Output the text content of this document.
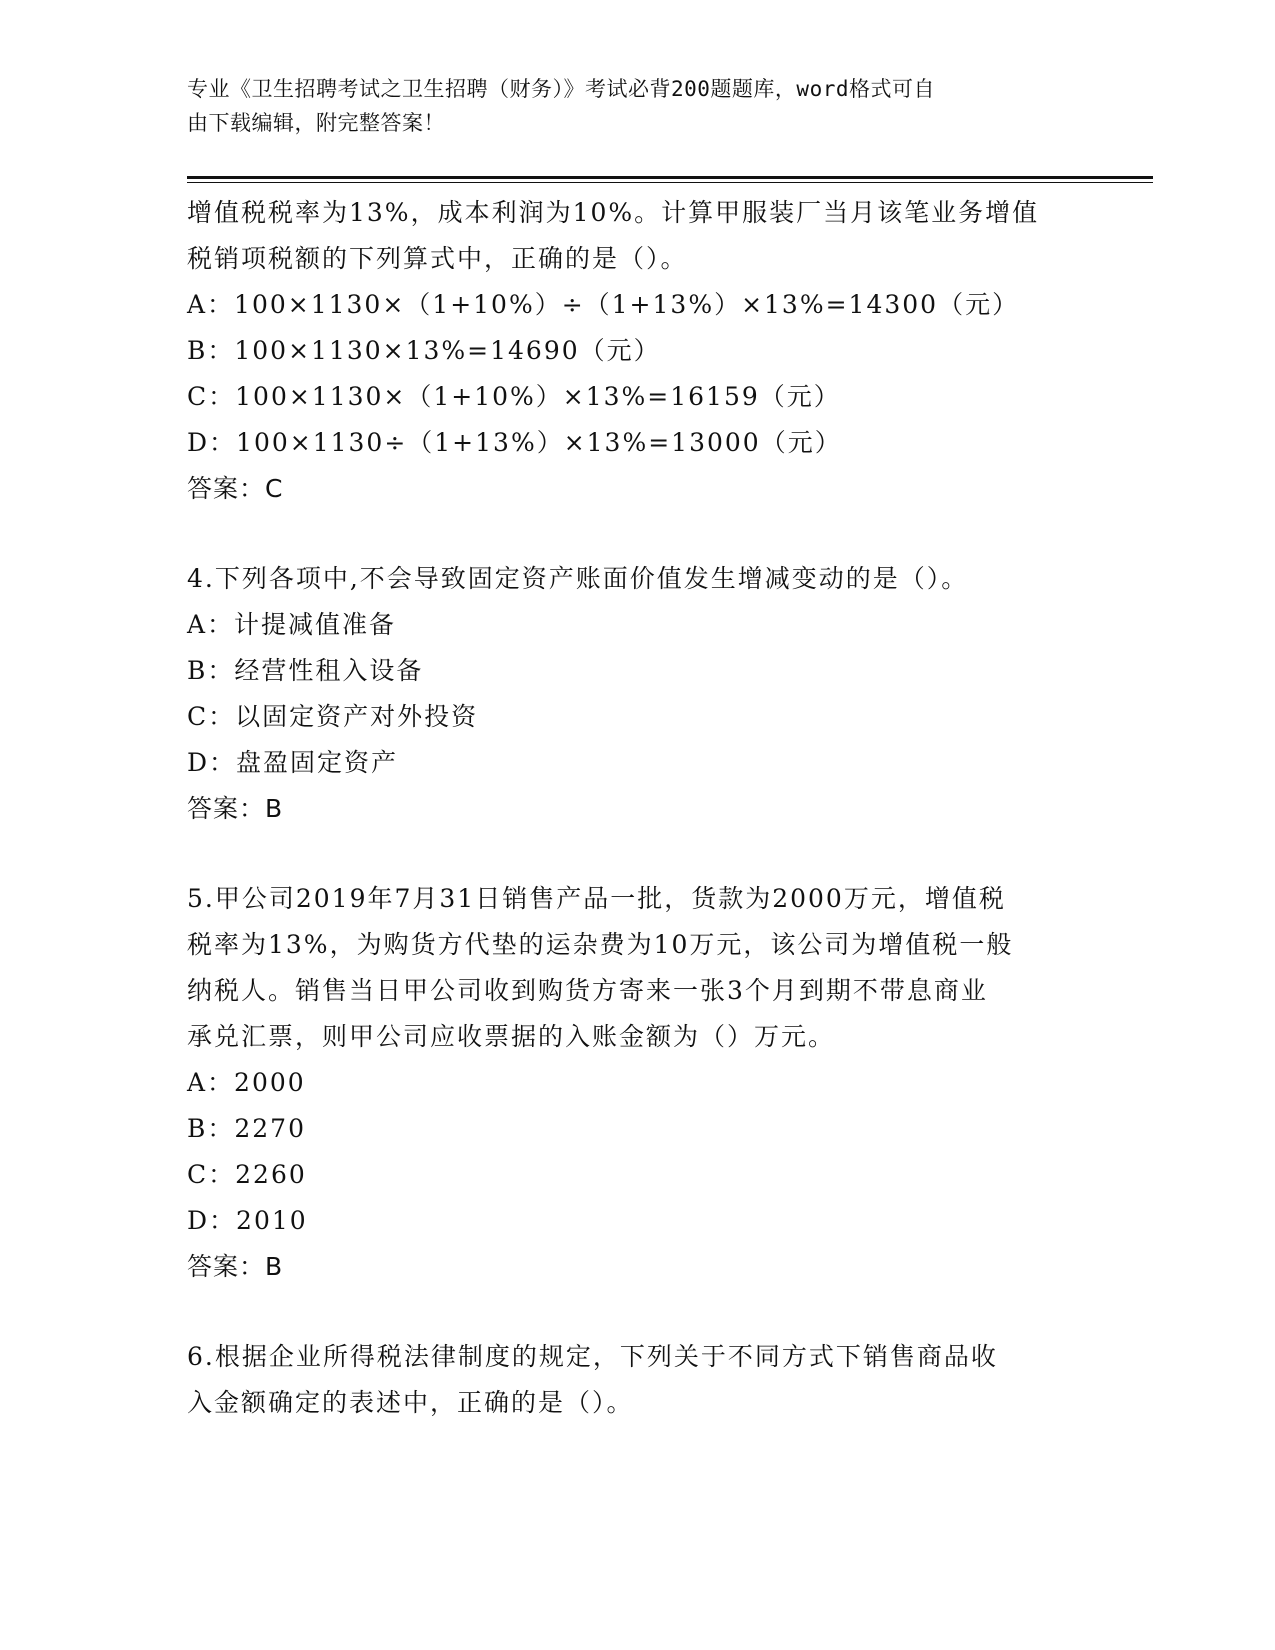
专业《卫生招聘考试之卫生招聘（财务）》考试必背200题题库，word格式可自
由下载编辑，附完整答案！
增值税税率为13%，成本利润为10%。计算甲服装厂当月该笔业务增值
税销项税额的下列算式中，正确的是（）。
A：100×1130×（1+10%）÷（1+13%）×13%=14300（元）
B：100×1130×13%=14690（元）
C：100×1130×（1+10%）×13%=16159（元）
D：100×1130÷（1+13%）×13%=13000（元）
答案：C
4.下列各项中,不会导致固定资产账面价值发生增减变动的是（）。
A：计提减值准备
B：经营性租入设备
C：以固定资产对外投资
D：盘盈固定资产
答案：B
5.甲公司2019年7月31日销售产品一批，货款为2000万元，增值税
税率为13%，为购货方代垫的运杂费为10万元，该公司为增值税一般
纳税人。销售当日甲公司收到购货方寄来一张3个月到期不带息商业
承兑汇票，则甲公司应收票据的入账金额为（）万元。
A：2000
B：2270
C：2260
D：2010
答案：B
6.根据企业所得税法律制度的规定，下列关于不同方式下销售商品收
入金额确定的表述中，正确的是（）。
